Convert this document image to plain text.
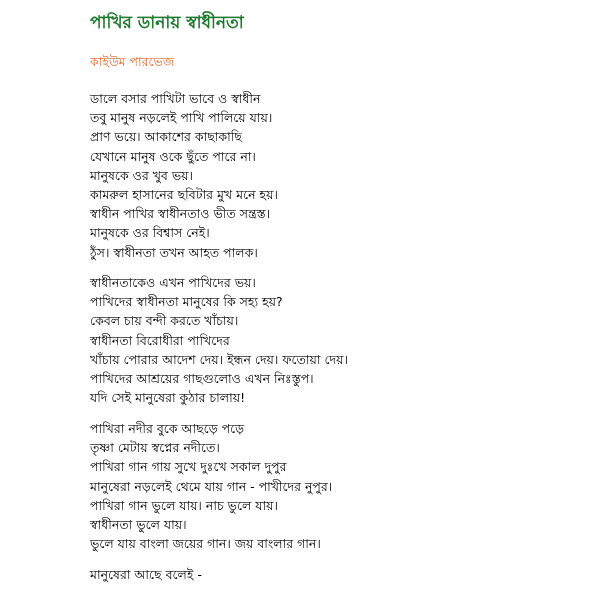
পাখির ডানায় স্বাধীনতা
কাইউম পারভেজ
ডালে বসার পাখিটা ভাবে ও স্বাধীন
তবু মানুষ নড়লেই পাখি পালিয়ে যায়।
প্রাণ ভয়ে। আকাশের কাছাকাছি
যেখানে মানুষ ওকে ছুঁতে পারে না।
মানুষকে ওর খুব ভয়।
কামরুল হাসানের ছবিটার মুখ মনে হয়।
স্বাধীন পাখির স্বাধীনতাও ভীত সন্ত্রস্ত।
মানুষকে ওর বিশ্বাস নেই।
ঠুঁস। স্বাধীনতা তখন আহত পালক।
স্বাধীনতাকেও এখন পাখিদের ভয়।
পাখিদের স্বাধীনতা মানুষের কি সহ্য হয়?
কেবল চায় বন্দী করতে খাঁচায়।
স্বাধীনতা বিরোধীরা পাখিদের
খাঁচায় পোরার আদেশ দেয়। ইন্ধন দেয়। ফতোয়া দেয়।
পাখিদের আশ্রয়ের গাছগুলোও এখন নিঃস্তুপ।
যদি সেই মানুষেরা কুঠার চালায়!
পাখিরা নদীর বুকে আছড়ে পড়ে
তৃষ্ণা মেটায় স্বপ্নের নদীতে।
পাখিরা গান গায় সুখে দুঃখে সকাল দুপুর
মানুষেরা নড়লেই থেমে যায় গান - পাখীদের নুপুর।
পাখিরা গান ভুলে যায়। নাচ ভুলে যায়।
স্বাধীনতা ভুলে যায়।
ভুলে যায় বাংলা জয়ের গান। জয় বাংলার গান।
মানুষেরা আছে বলেই -
